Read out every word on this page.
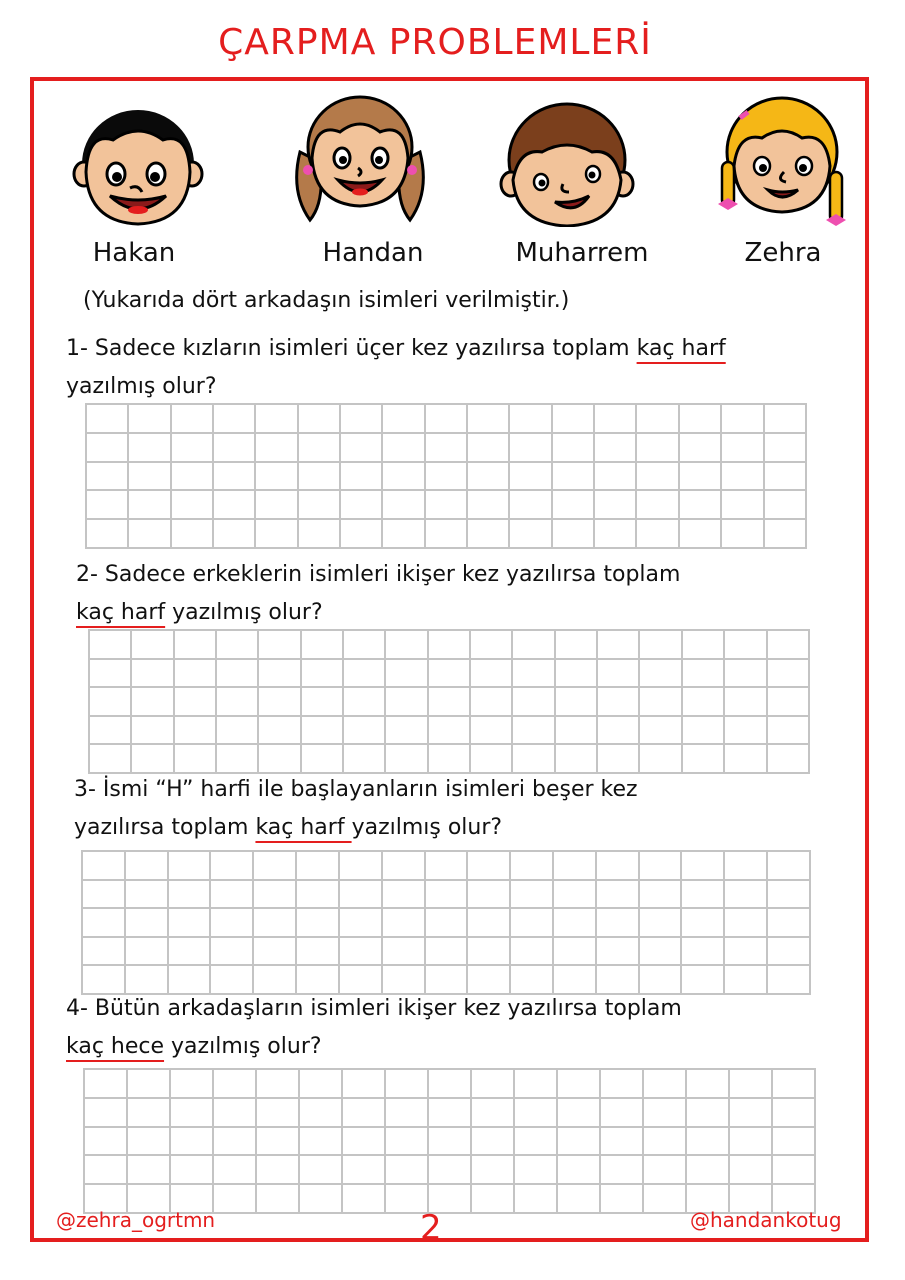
ÇARPMA PROBLEMLERİ
Hakan	Handan	Muharrem	Zehra
(Yukarıda dört arkadaşın isimleri verilmiştir.)
1- Sadece kızların isimleri üçer kez yazılırsa toplam kaç harf
yazılmış olur?

2- Sadece erkeklerin isimleri ikişer kez yazılırsa toplam
kaç harf yazılmış olur?

3- İsmi “H” harfi ile başlayanların isimleri beşer kez
yazılırsa toplam kaç harf yazılmış olur?

4- Bütün arkadaşların isimleri ikişer kez yazılırsa toplam
kaç hece yazılmış olur?

@zehra_ogrtmn	2	@handankotug
